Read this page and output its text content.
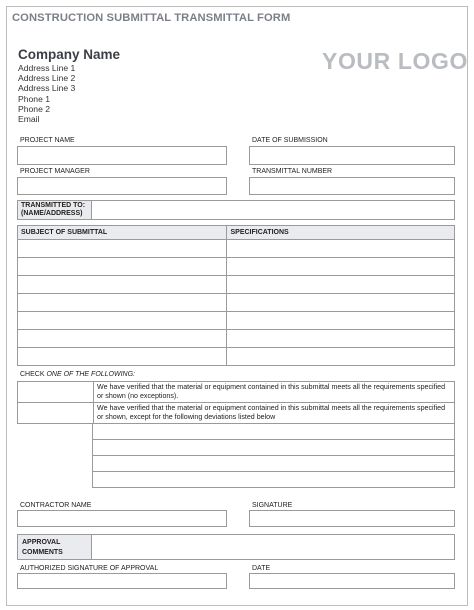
CONSTRUCTION SUBMITTAL TRANSMITTAL FORM
Company Name
Address Line 1
Address Line 2
Address Line 3
Phone 1
Phone 2
Email
YOUR LOGO
PROJECT NAME	DATE OF SUBMISSION
PROJECT MANAGER	TRANSMITTAL NUMBER
TRANSMITTED TO:
(NAME/ADDRESS)
SUBJECT OF SUBMITTAL	SPECIFICATIONS

CHECK ONE OF THE FOLLOWING:
	We have verified that the material or equipment contained in this submittal meets all the requirements specified or shown (no exceptions).
	We have verified that the material or equipment contained in this submittal meets all the requirements specified or shown, except for the following deviations listed below

CONTRACTOR NAME	SIGNATURE
APPROVAL
COMMENTS
AUTHORIZED SIGNATURE OF APPROVAL	DATE
